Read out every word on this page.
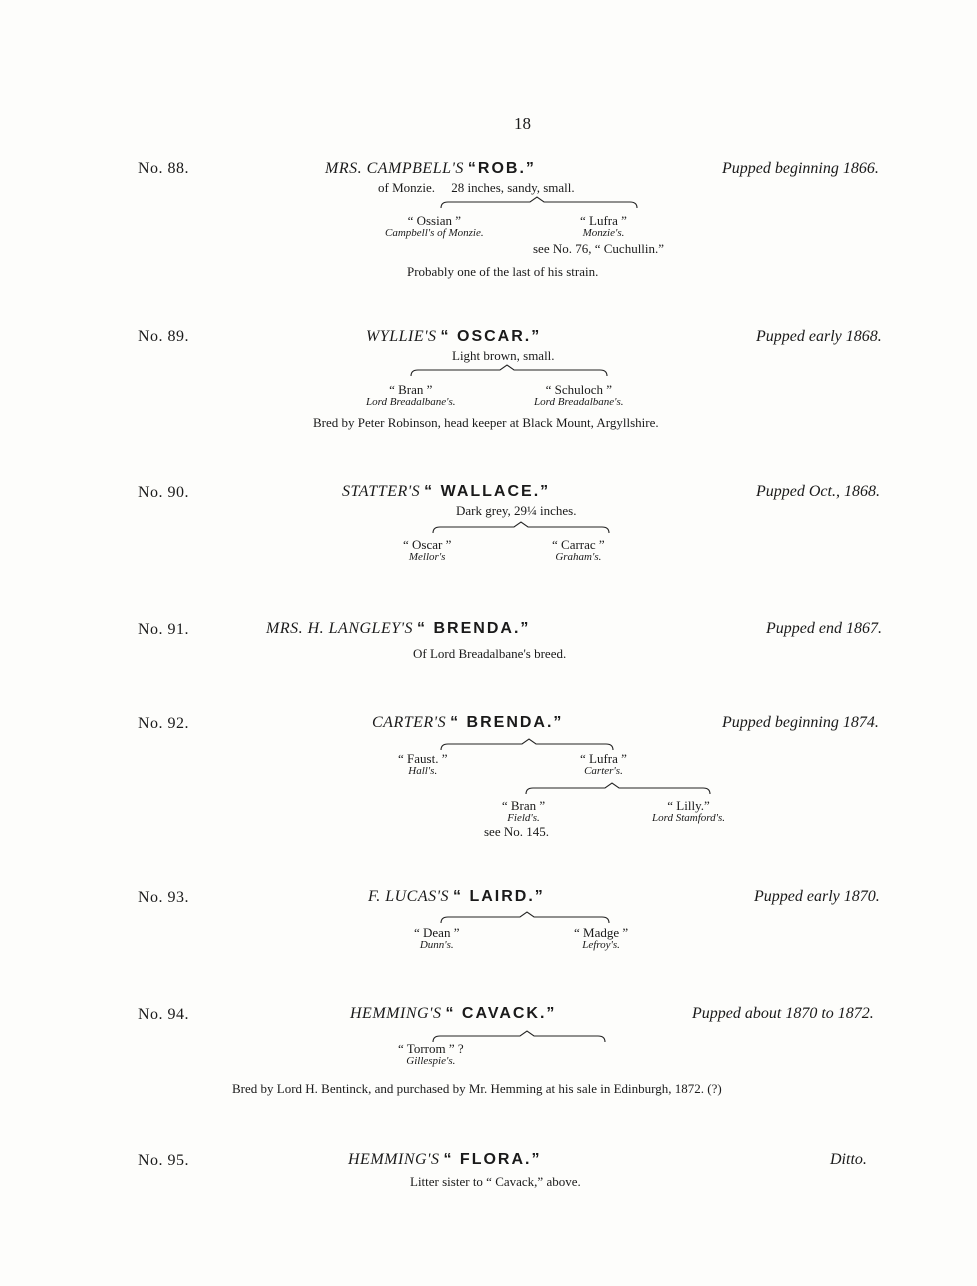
18
No. 88.	MRS. CAMPBELL'S “ROB.”	Pupped beginning 1866.
of Monzie.     28 inches, sandy, small.
“ Ossian ”
Campbell's of Monzie.
“ Lufra ”
Monzie's.
see No. 76, “ Cuchullin.”
Probably one of the last of his strain.
No. 89.	WYLLIE'S “ OSCAR.”	Pupped early 1868.
Light brown, small.
“ Bran ”
Lord Breadalbane's.
“ Schuloch ”
Lord Breadalbane's.
Bred by Peter Robinson, head keeper at Black Mount, Argyllshire.
No. 90.	STATTER'S “ WALLACE.”	Pupped Oct., 1868.
Dark grey, 29¼ inches.
“ Oscar ”
Mellor's
“ Carrac ”
Graham's.
No. 91.	MRS. H. LANGLEY'S “ BRENDA.”	Pupped end 1867.
Of Lord Breadalbane's breed.
No. 92.	CARTER'S “ BRENDA.”	Pupped beginning 1874.
“ Faust. ”
Hall's.
“ Lufra ”
Carter's.
“ Bran ”
Field's.
see No. 145.
“ Lilly.”
Lord Stamford's.
No. 93.	F. LUCAS'S “ LAIRD.”	Pupped early 1870.
“ Dean ”
Dunn's.
“ Madge ”
Lefroy's.
No. 94.	HEMMING'S “ CAVACK.”	Pupped about 1870 to 1872.
“ Torrom ” ?
Gillespie's.
Bred by Lord H. Bentinck, and purchased by Mr. Hemming at his sale in Edinburgh, 1872. (?)
No. 95.	HEMMING'S “ FLORA.”	Ditto.
Litter sister to “ Cavack,” above.
